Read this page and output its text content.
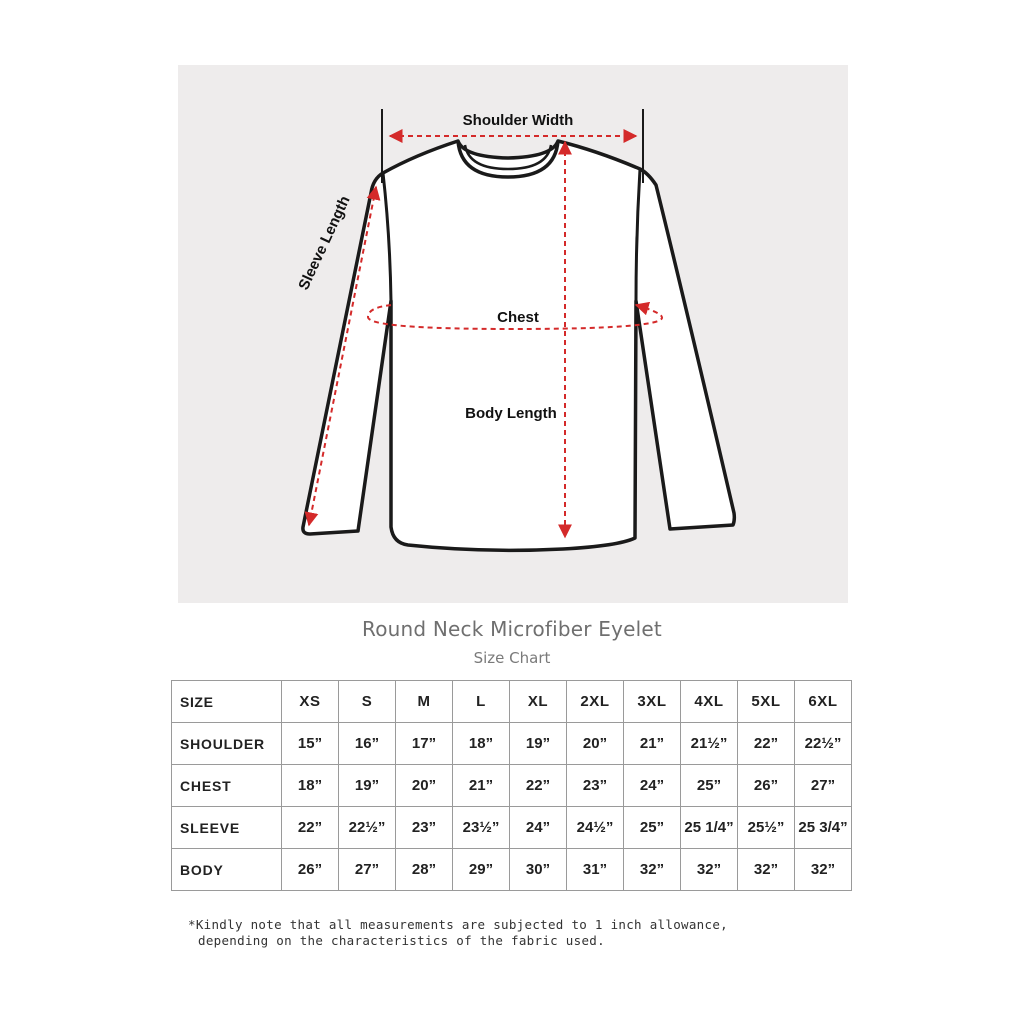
Shoulder Width
Sleeve Length
Chest
Body Length
Round Neck Microfiber Eyelet
Size Chart
SIZE	XS	S	M	L	XL	2XL	3XL	4XL	5XL	6XL
SHOULDER	15”	16”	17”	18”	19”	20”	21”	21½”	22”	22½”
CHEST	18”	19”	20”	21”	22”	23”	24”	25”	26”	27”
SLEEVE	22”	22½”	23”	23½”	24”	24½”	25”	25 1/4”	25½”	25 3/4”
BODY	26”	27”	28”	29”	30”	31”	32”	32”	32”	32”
*Kindly note that all measurements are subjected to 1 inch allowance,
depending on the characteristics of the fabric used.
